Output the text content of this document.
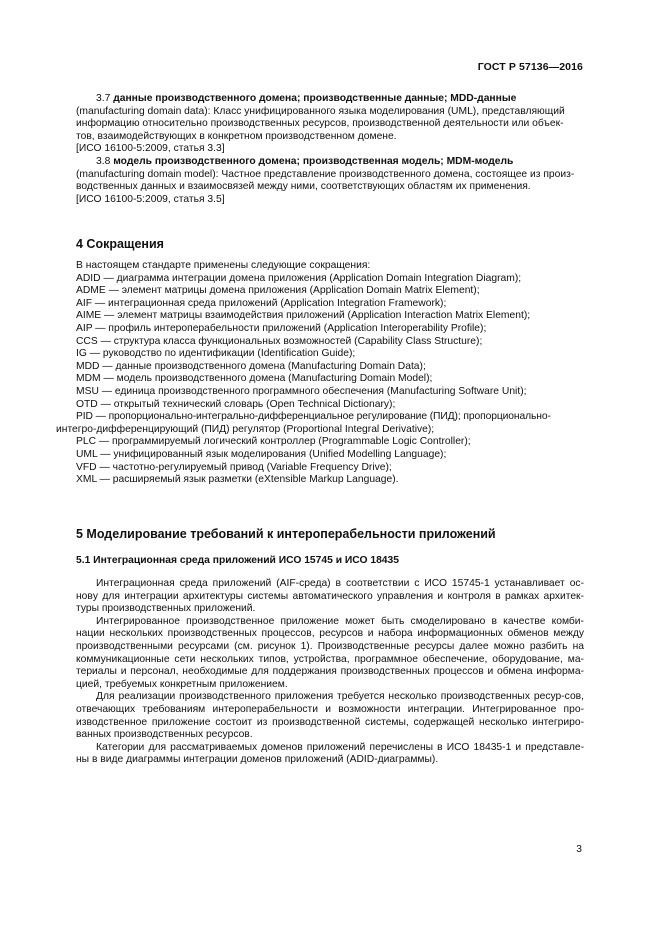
ГОСТ Р 57136—2016

3.7 данные производственного домена; производственные данные; MDD-данные

(manufacturing domain data): Класс унифицированного языка моделирования (UML), представляющий

информацию относительно производственных ресурсов, производственной деятельности или объек-

тов, взаимодействующих в конкретном производственном домене.

[ИСО 16100-5:2009, статья 3.3]

3.8 модель производственного домена; производственная модель; MDM-модель

(manufacturing domain model): Частное представление производственного домена, состоящее из произ-

водственных данных и взаимосвязей между ними, соответствующих областям их применения.

[ИСО 16100-5:2009, статья 3.5]

4 Сокращения

В настоящем стандарте применены следующие сокращения:

ADID — диаграмма интеграции домена приложения (Application Domain Integration Diagram);

ADME — элемент матрицы домена приложения (Application Domain Matrix Element);

AIF — интеграционная среда приложений (Application Integration Framework);

AIME — элемент матрицы взаимодействия приложений (Application Interaction Matrix Element);

AIP — профиль интероперабельности приложений (Application Interoperability Profile);

CCS — структура класса функциональных возможностей (Capability Class Structure);

IG — руководство по идентификации (Identification Guide);

MDD — данные производственного домена (Manufacturing Domain Data);

MDM — модель производственного домена (Manufacturing Domain Model);

MSU — единица производственного программного обеспечения (Manufacturing Software Unit);

OTD — открытый технический словарь (Open Technical Dictionary);

PID — пропорционально-интегрально-дифференциальное регулирование (ПИД); пропорционально-

интегро-дифференцирующий (ПИД) регулятор (Proportional Integral Derivative);

PLC — программируемый логический контроллер (Programmable Logic Controller);

UML — унифицированный язык моделирования (Unified Modelling Language);

VFD — частотно-регулируемый привод (Variable Frequency Drive);

XML — расширяемый язык разметки (eXtensible Markup Language).

5 Моделирование требований к интероперабельности приложений
5.1 Интеграционная среда приложений ИСО 15745 и ИСО 18435

Интеграционная среда приложений (AIF-среда) в соответствии с ИСО 15745-1 устанавливает ос-новy для интеграции архитектуры системы автоматического управления и контроля в рамках архитек-туры производственных приложений.

Интегрированное производственное приложение может быть смоделировано в качестве комби-нации нескольких производственных процессов, ресурсов и набора информационных обменов между производственными ресурсами (см. рисунок 1). Производственные ресурсы далее можно разбить на коммуникационные сети нескольких типов, устройства, программное обеспечение, оборудование, ма-териалы и персонал, необходимые для поддержания производственных процессов и обмена информа-цией, требуемых конкретным приложением.

Для реализации производственного приложения требуется несколько производственных ресур-сов, отвечающих требованиям интероперабельности и возможности интеграции. Интегрированное про-изводственное приложение состоит из производственной системы, содержащей несколько интегриро-ванных производственных ресурсов.

Категории для рассматриваемых доменов приложений перечислены в ИСО 18435-1 и представле-ны в виде диаграммы интеграции доменов приложений (ADID-диаграммы).

3
